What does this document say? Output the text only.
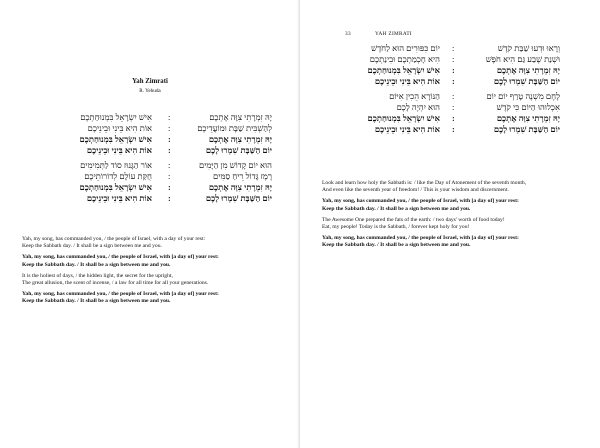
Yah Zimrati
R. Yehuda
אִישׁ יִשְׂרָאֵל בִּמְנוּחַתְכֶם :	יָהּ זִמְרָתִי צִוָּה אֶתְכֶם
אוֹת הִיא בֵּינִי וּבֵינֵיכֶם :	לְהַשְׁבִּית שַׁבָּת וּמוֹעֲדֵיכֶם
אִישׁ יִשְׂרָאֵל בִּמְנוּחַתְכֶם :	יָהּ זִמְרָתִי צִוָּה אֶתְכֶם
אוֹת הִיא בֵּינִי וּבֵינֵיכֶם :	יוֹם הַשַּׁבָּת שִׁמְרוּ לָכֶם
אוֹר הַגָּנוּז סוֹד לַתְּמִימִים :	הוּא יוֹם קָדוֹשׁ מִן הַיָּמִים
חֻקַּת עוֹלָם לְדוֹרוֹתֵיכֶם :	רֶמֶז גָּדוֹל רֵיחַ סַמִּים
אִישׁ יִשְׂרָאֵל בִּמְנוּחַתְכֶם :	יָהּ זִמְרָתִי צִוָּה אֶתְכֶם
אוֹת הִיא בֵּינִי וּבֵינֵיכֶם :	יוֹם הַשַּׁבָּת שִׁמְרוּ לָכֶם
Yah, my song, has commanded you, / the people of Israel, with a day of your rest:
Keep the Sabbath day. / It shall be a sign between me and you.
Yah, my song, has commanded you, / the people of Israel, with [a day of] your rest:
Keep the Sabbath day. / It shall be a sign between me and you.
It is the holiest of days, / the hidden light, the secret for the upright,
The great allusion, the scent of incense, / a law for all time for all your generations.
Yah, my song, has commanded you, / the people of Israel, with [a day of] your rest:
Keep the Sabbath day. / It shall be a sign between me and you.
33	YAH ZIMRATI
יוֹם כִּפּוּרִים הוּא לַחֹדֶשׁ :	וְרָאוּ וּדְעוּ שַׁבַּת קֹדֶשׁ
הִיא חָכְמַתְכֶם וּבִינַתְכֶם :	וּשְׁנַת שֶׁבַע גַּם הִיא חֹפֶשׁ
אִישׁ יִשְׂרָאֵל בִּמְנוּחַתְכֶם :	יָהּ זִמְרָתִי צִוָּה אֶתְכֶם
אוֹת הִיא בֵּינִי וּבֵינֵיכֶם :	יוֹם הַשַּׁבָּת שִׁמְרוּ לָכֶם
הַנּוֹרָא הֵכִין אִיּוֹם :	לֶחֶם מִשְׁנֶה טָרַף יוֹם יוֹם
הוּא יִהְיֶה לָכֶם :	אִכְלוּהוּ הַיּוֹם כִּי קֹדֶשׁ
אִישׁ יִשְׂרָאֵל בִּמְנוּחַתְכֶם :	יָהּ זִמְרָתִי צִוָּה אֶתְכֶם
אוֹת הִיא בֵּינִי וּבֵינֵיכֶם :	יוֹם הַשַּׁבָּת שִׁמְרוּ לָכֶם
Look and learn how holy the Sabbath is: / like the Day of Atonement of the seventh month,
And even like the seventh year of freedom! / This is your wisdom and discernment.
Yah, my song, has commanded you, / the people of Israel, with [a day of] your rest:
Keep the Sabbath day. / It shall be a sign between me and you.
The Awesome One prepared the fats of the earth: / two days' worth of food today!
Eat, my people! Today is the Sabbath, / forever kept holy for you!
Yah, my song, has commanded you, / the people of Israel, with [a day of] your rest:
Keep the Sabbath day. / It shall be a sign between me and you.
